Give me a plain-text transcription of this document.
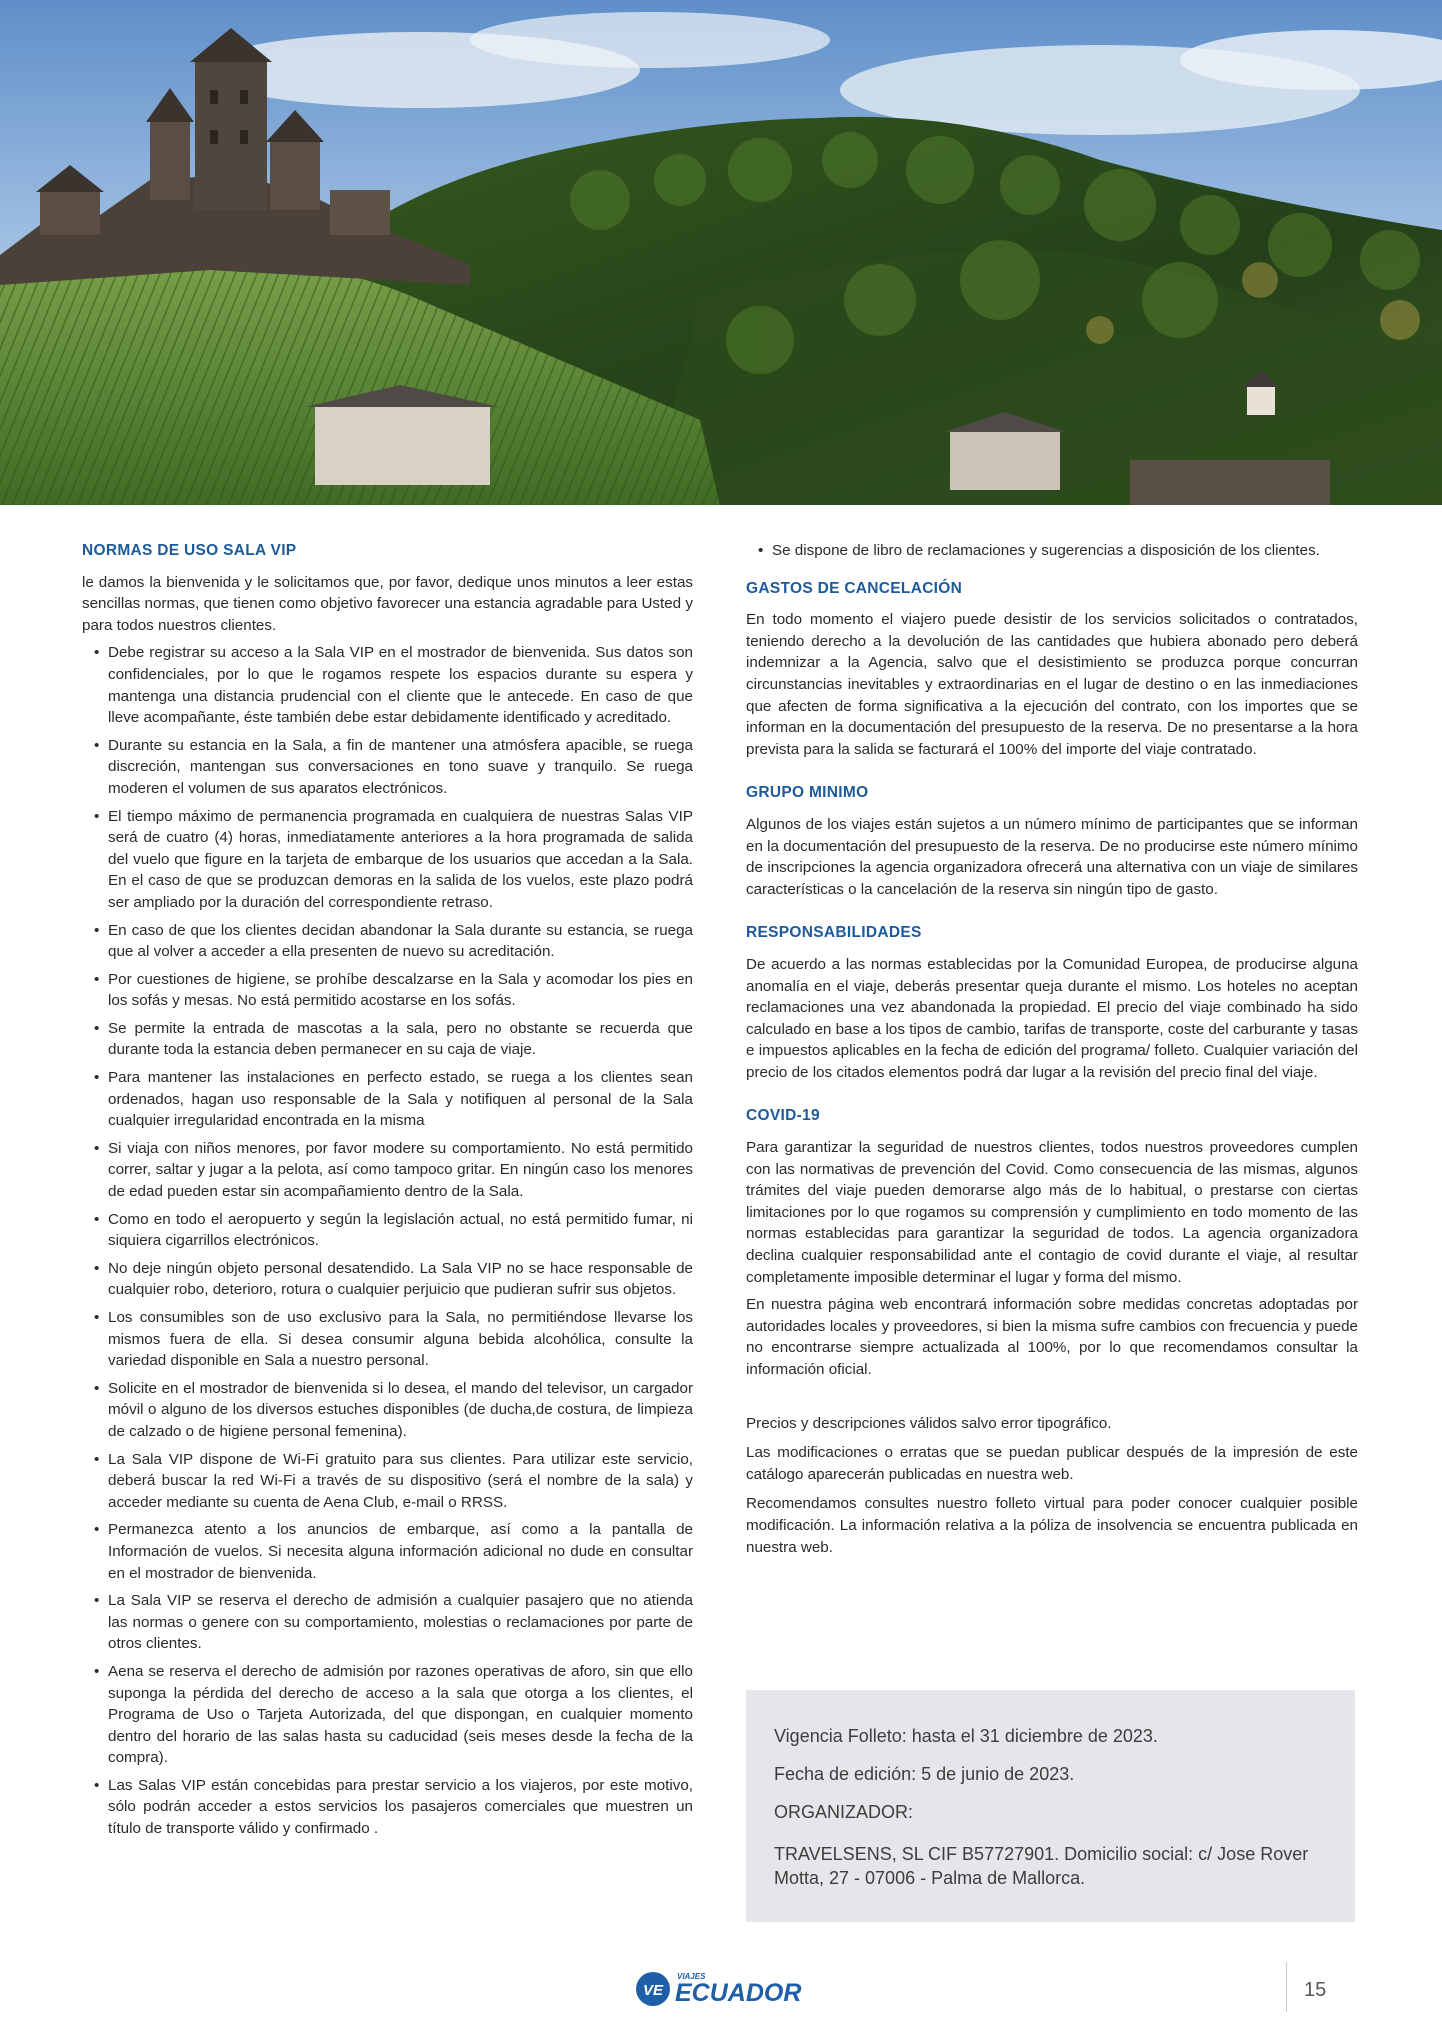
NORMAS DE USO SALA VIP

le damos la bienvenida y le solicitamos que, por favor, dedique unos minutos a leer estas sencillas normas, que tienen como objetivo favorecer una estancia agradable para Usted y para todos nuestros clientes.

• Debe registrar su acceso a la Sala VIP en el mostrador de bienvenida. Sus datos son confidenciales, por lo que le rogamos respete los espacios durante su espera y mantenga una distancia prudencial con el cliente que le antecede. En caso de que lleve acompañante, éste también debe estar debidamente identificado y acreditado.
• Durante su estancia en la Sala, a fin de mantener una atmósfera apacible, se ruega discreción, mantengan sus conversaciones en tono suave y tranquilo. Se ruega moderen el volumen de sus aparatos electrónicos.
• El tiempo máximo de permanencia programada en cualquiera de nuestras Salas VIP será de cuatro (4) horas, inmediatamente anteriores a la hora programada de salida del vuelo que figure en la tarjeta de embarque de los usuarios que accedan a la Sala. En el caso de que se produzcan demoras en la salida de los vuelos, este plazo podrá ser ampliado por la duración del correspondiente retraso.
• En caso de que los clientes decidan abandonar la Sala durante su estancia, se ruega que al volver a acceder a ella presenten de nuevo su acreditación.
• Por cuestiones de higiene, se prohíbe descalzarse en la Sala y acomodar los pies en los sofás y mesas. No está permitido acostarse en los sofás.
• Se permite la entrada de mascotas a la sala, pero no obstante se recuerda que durante toda la estancia deben permanecer en su caja de viaje.
• Para mantener las instalaciones en perfecto estado, se ruega a los clientes sean ordenados, hagan uso responsable de la Sala y notifiquen al personal de la Sala cualquier irregularidad encontrada en la misma
• Si viaja con niños menores, por favor modere su comportamiento. No está permitido correr, saltar y jugar a la pelota, así como tampoco gritar. En ningún caso los menores de edad pueden estar sin acompañamiento dentro de la Sala.
• Como en todo el aeropuerto y según la legislación actual, no está permitido fumar, ni siquiera cigarrillos electrónicos.
• No deje ningún objeto personal desatendido. La Sala VIP no se hace responsable de cualquier robo, deterioro, rotura o cualquier perjuicio que pudieran sufrir sus objetos.
• Los consumibles son de uso exclusivo para la Sala, no permitiéndose llevarse los mismos fuera de ella. Si desea consumir alguna bebida alcohólica, consulte la variedad disponible en Sala a nuestro personal.
• Solicite en el mostrador de bienvenida si lo desea, el mando del televisor, un cargador móvil o alguno de los diversos estuches disponibles (de ducha,de costura, de limpieza de calzado o de higiene personal femenina).
• La Sala VIP dispone de Wi-Fi gratuito para sus clientes. Para utilizar este servicio, deberá buscar la red Wi-Fi a través de su dispositivo (será el nombre de la sala) y acceder mediante su cuenta de Aena Club, e-mail o RRSS.
• Permanezca atento a los anuncios de embarque, así como a la pantalla de Información de vuelos. Si necesita alguna información adicional no dude en consultar en el mostrador de bienvenida.
• La Sala VIP se reserva el derecho de admisión a cualquier pasajero que no atienda las normas o genere con su comportamiento, molestias o reclamaciones por parte de otros clientes.
• Aena se reserva el derecho de admisión por razones operativas de aforo, sin que ello suponga la pérdida del derecho de acceso a la sala que otorga a los clientes, el Programa de Uso o Tarjeta Autorizada, del que dispongan, en cualquier momento dentro del horario de las salas hasta su caducidad (seis meses desde la fecha de la compra).
• Las Salas VIP están concebidas para prestar servicio a los viajeros, por este motivo, sólo podrán acceder a estos servicios los pasajeros comerciales que muestren un título de transporte válido y confirmado .
• Se dispone de libro de reclamaciones y sugerencias a disposición de los clientes.
GASTOS DE CANCELACIÓN

En todo momento el viajero puede desistir de los servicios solicitados o contratados, teniendo derecho a la devolución de las cantidades que hubiera abonado pero deberá indemnizar a la Agencia, salvo que el desistimiento se produzca porque concurran circunstancias inevitables y extraordinarias en el lugar de destino o en las inmediaciones que afecten de forma significativa a la ejecución del contrato, con los importes que se informan en la documentación del presupuesto de la reserva. De no presentarse a la hora prevista para la salida se facturará el 100% del importe del viaje contratado.

GRUPO MINIMO

Algunos de los viajes están sujetos a un número mínimo de participantes que se informan en la documentación del presupuesto de la reserva. De no producirse este número mínimo de inscripciones la agencia organizadora ofrecerá una alternativa con un viaje de similares características o la cancelación de la reserva sin ningún tipo de gasto.

RESPONSABILIDADES

De acuerdo a las normas establecidas por la Comunidad Europea, de producirse alguna anomalía en el viaje, deberás presentar queja durante el mismo. Los hoteles no aceptan reclamaciones una vez abandonada la propiedad. El precio del viaje combinado ha sido calculado en base a los tipos de cambio, tarifas de transporte, coste del carburante y tasas e impuestos aplicables en la fecha de edición del programa/ folleto. Cualquier variación del precio de los citados elementos podrá dar lugar a la revisión del precio final del viaje.

COVID-19

Para garantizar la seguridad de nuestros clientes, todos nuestros proveedores cumplen con las normativas de prevención del Covid. Como consecuencia de las mismas, algunos trámites del viaje pueden demorarse algo más de lo habitual, o prestarse con ciertas limitaciones por lo que rogamos su comprensión y cumplimiento en todo momento de las normas establecidas para garantizar la seguridad de todos. La agencia organizadora declina cualquier responsabilidad ante el contagio de covid durante el viaje, al resultar completamente imposible determinar el lugar y forma del mismo.

En nuestra página web encontrará información sobre medidas concretas adoptadas por autoridades locales y proveedores, si bien la misma sufre cambios con frecuencia y puede no encontrarse siempre actualizada al 100%, por lo que recomendamos consultar la información oficial.

Precios y descripciones válidos salvo error tipográfico.

Las modificaciones o erratas que se puedan publicar después de la impresión de este catálogo aparecerán publicadas en nuestra web.

Recomendamos consultes nuestro folleto virtual para poder conocer cualquier posible modificación. La información relativa a la póliza de insolvencia se encuentra publicada en nuestra web.

Vigencia Folleto: hasta el 31 diciembre de 2023.

Fecha de edición: 5 de junio de 2023.

ORGANIZADOR:

TRAVELSENS, SL CIF B57727901. Domicilio social: c/ Jose Rover Motta, 27 - 07006 - Palma de Mallorca.

VE
VIAJES
ECUADOR	15
